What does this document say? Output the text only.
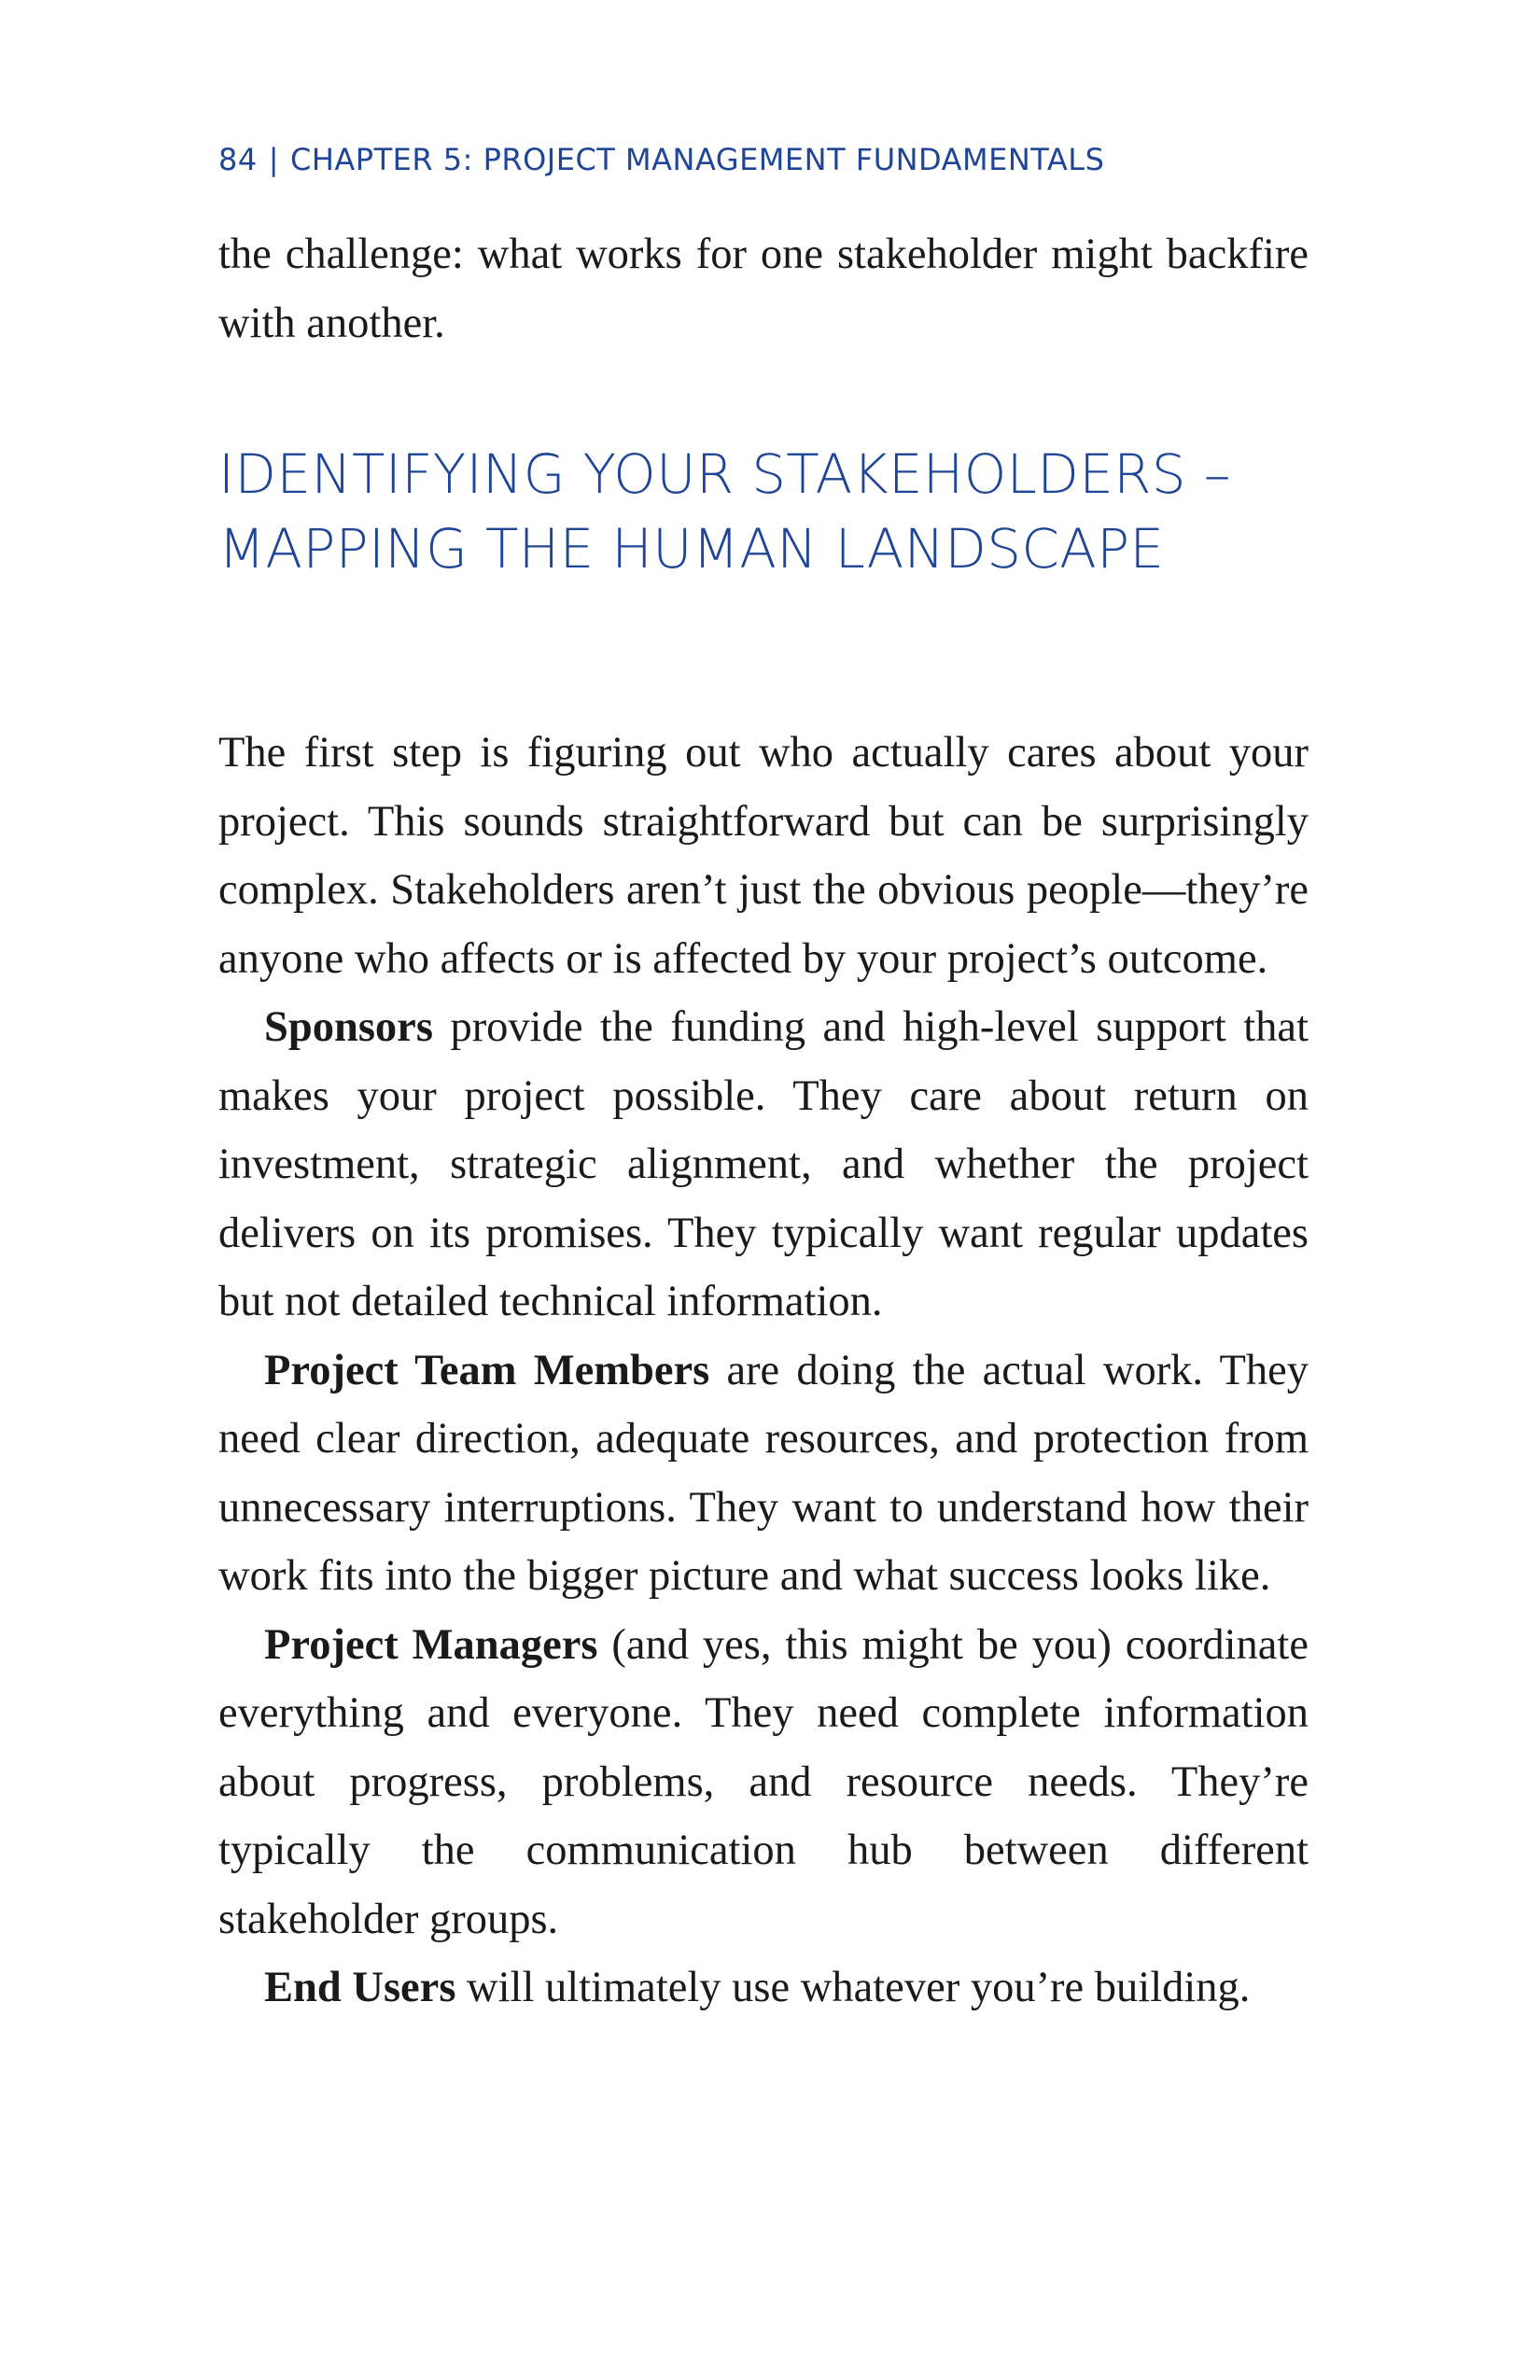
84 | CHAPTER 5: PROJECT MANAGEMENT FUNDAMENTALS

the challenge: what works for one stakeholder might backfire with another.

IDENTIFYING YOUR STAKEHOLDERS – MAPPING THE HUMAN LANDSCAPE

The first step is figuring out who actually cares about your project. This sounds straightforward but can be surprisingly complex. Stakeholders aren’t just the obvious people—they’re anyone who affects or is affected by your project’s outcome.

Sponsors provide the funding and high-level support that makes your project possible. They care about return on investment, strategic alignment, and whether the project delivers on its promises. They typically want regular updates but not detailed technical information.

Project Team Members are doing the actual work. They need clear direction, adequate resources, and protection from unnecessary interruptions. They want to understand how their work fits into the bigger picture and what success looks like.

Project Managers (and yes, this might be you) coordinate everything and everyone. They need complete information about progress, problems, and resource needs. They’re typically the communication hub between different stakeholder groups.

End Users will ultimately use whatever you’re building.
